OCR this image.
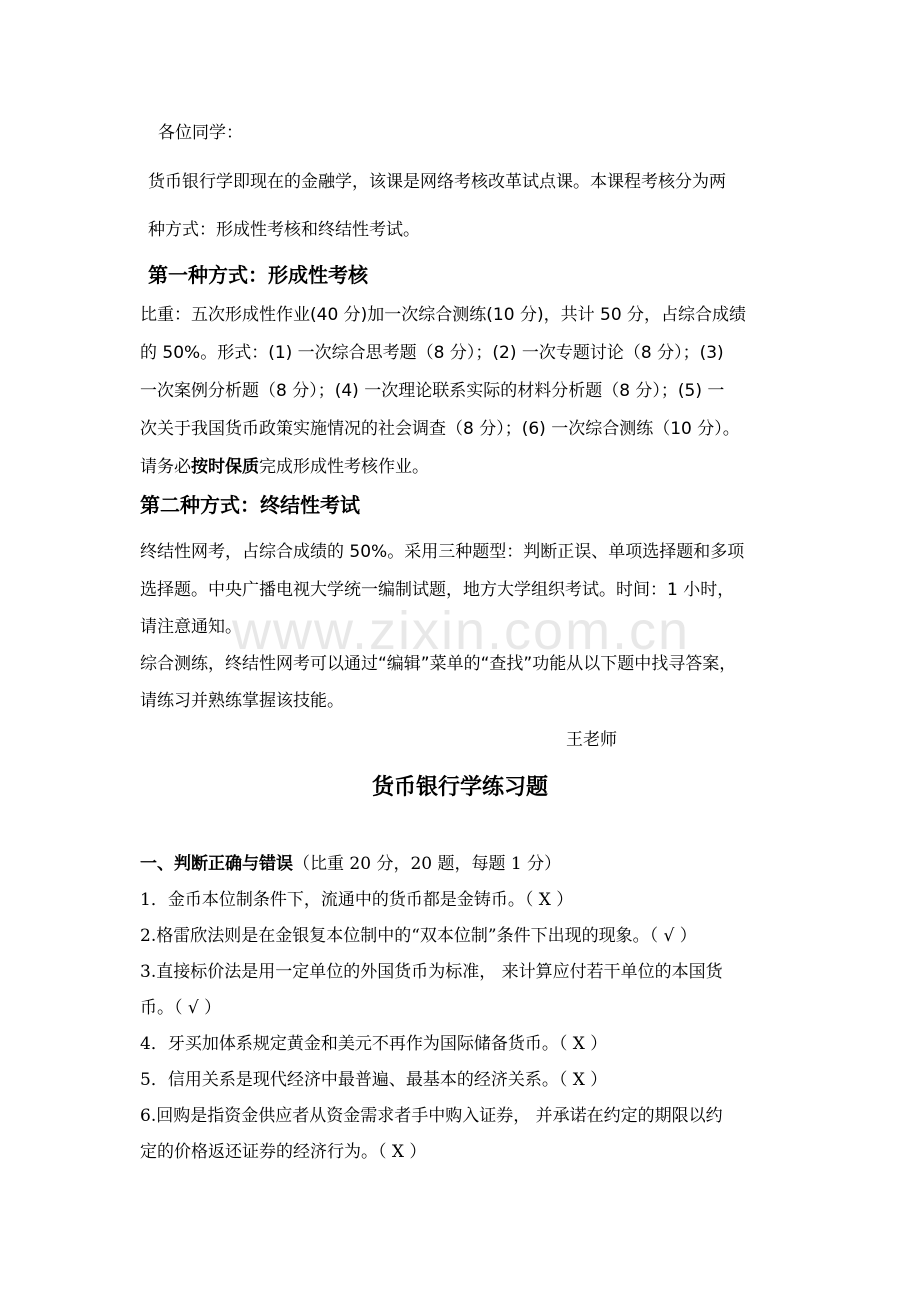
www.zixin.com.cn
各位同学：
货币银行学即现在的金融学，该课是网络考核改革试点课。本课程考核分为两
种方式：形成性考核和终结性考试。
第一种方式：形成性考核
比重：五次形成性作业(40 分)加一次综合测练(10 分)，共计 50 分，占综合成绩
的 50%。形式：(1) 一次综合思考题（8 分）；(2) 一次专题讨论（8 分）；(3)
一次案例分析题（8 分）；(4) 一次理论联系实际的材料分析题（8 分）；(5) 一
次关于我国货币政策实施情况的社会调查（8 分）；(6) 一次综合测练（10 分）。
请务必按时保质完成形成性考核作业。
第二种方式：终结性考试
终结性网考，占综合成绩的 50%。采用三种题型：判断正误、单项选择题和多项
选择题。中央广播电视大学统一编制试题，地方大学组织考试。时间：1 小时，
请注意通知。
综合测练，终结性网考可以通过“编辑”菜单的“查找”功能从以下题中找寻答案，
请练习并熟练掌握该技能。
王老师
货币银行学练习题
一、判断正确与错误（比重 20 分，20 题，每题 1 分）
1．金币本位制条件下，流通中的货币都是金铸币。（ X ）
2.格雷欣法则是在金银复本位制中的“双本位制”条件下出现的现象。（ √ ）
3.直接标价法是用一定单位的外国货币为标准， 来计算应付若干单位的本国货
币。（ √ ）
4．牙买加体系规定黄金和美元不再作为国际储备货币。（ X ）
5．信用关系是现代经济中最普遍、最基本的经济关系。（ X ）
6.回购是指资金供应者从资金需求者手中购入证券， 并承诺在约定的期限以约
定的价格返还证券的经济行为。（ X ）
